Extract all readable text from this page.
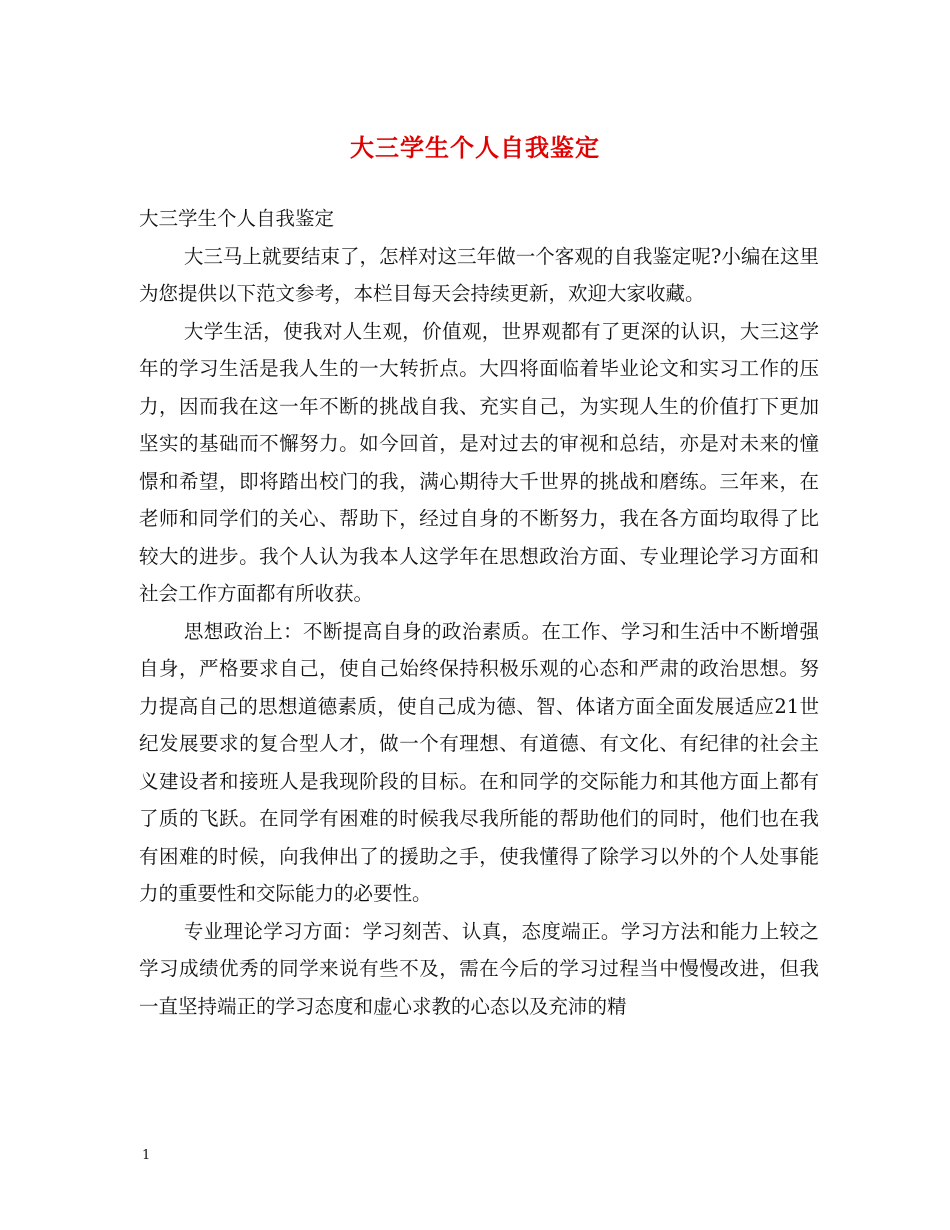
大三学生个人自我鉴定

大三学生个人自我鉴定

大三马上就要结束了，怎样对这三年做一个客观的自我鉴定呢?小编在这里为您提供以下范文参考，本栏目每天会持续更新，欢迎大家收藏。

大学生活，使我对人生观，价值观，世界观都有了更深的认识，大三这学年的学习生活是我人生的一大转折点。大四将面临着毕业论文和实习工作的压力，因而我在这一年不断的挑战自我、充实自己，为实现人生的价值打下更加坚实的基础而不懈努力。如今回首，是对过去的审视和总结，亦是对未来的憧憬和希望，即将踏出校门的我，满心期待大千世界的挑战和磨练。三年来，在老师和同学们的关心、帮助下，经过自身的不断努力，我在各方面均取得了比较大的进步。我个人认为我本人这学年在思想政治方面、专业理论学习方面和社会工作方面都有所收获。

思想政治上：不断提高自身的政治素质。在工作、学习和生活中不断增强自身，严格要求自己，使自己始终保持积极乐观的心态和严肃的政治思想。努力提高自己的思想道德素质，使自己成为德、智、体诸方面全面发展适应21世纪发展要求的复合型人才，做一个有理想、有道德、有文化、有纪律的社会主义建设者和接班人是我现阶段的目标。在和同学的交际能力和其他方面上都有了质的飞跃。在同学有困难的时候我尽我所能的帮助他们的同时，他们也在我有困难的时候，向我伸出了的援助之手，使我懂得了除学习以外的个人处事能力的重要性和交际能力的必要性。

专业理论学习方面：学习刻苦、认真，态度端正。学习方法和能力上较之学习成绩优秀的同学来说有些不及，需在今后的学习过程当中慢慢改进，但我一直坚持端正的学习态度和虚心求教的心态以及充沛的精

1
